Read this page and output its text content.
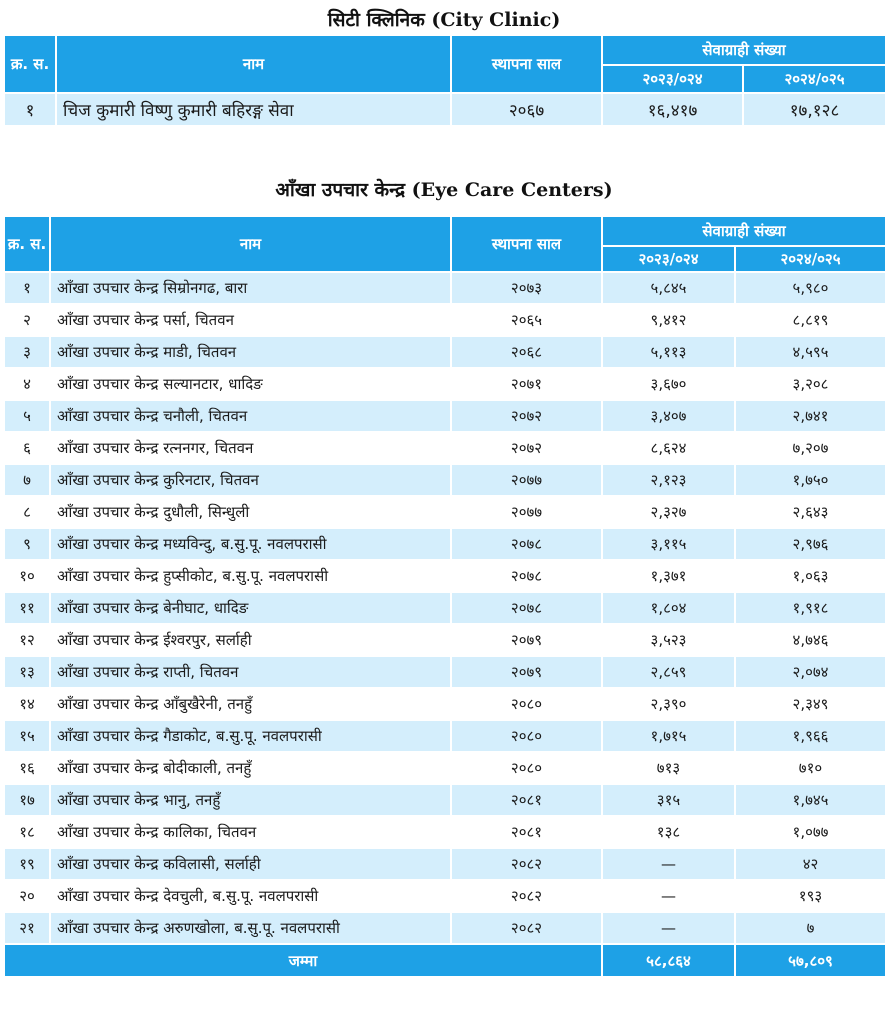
सिटी क्लिनिक (City Clinic)
क्र. स.	नाम	स्थापना साल	सेवाग्राही संख्या	
			२०२३/०२४	२०२४/०२५
१	चिज कुमारी विष्णु कुमारी बहिरङ्ग सेवा	२०६७	१६,४१७	१७,१२८
आँखा उपचार केन्द्र (Eye Care Centers)
क्र. स.	नाम	स्थापना साल	सेवाग्राही संख्या	
			२०२३/०२४	२०२४/०२५
१	आँखा उपचार केन्द्र सिम्रोनगढ, बारा	२०७३	५,८४५	५,९८०
२	आँखा उपचार केन्द्र पर्सा, चितवन	२०६५	९,४१२	८,८१९
३	आँखा उपचार केन्द्र माडी, चितवन	२०६८	५,११३	४,५९५
४	आँखा उपचार केन्द्र सल्यानटार, धादिङ	२०७१	३,६७०	३,२०८
५	आँखा उपचार केन्द्र चनौली, चितवन	२०७२	३,४०७	२,७४१
६	आँखा उपचार केन्द्र रत्ननगर, चितवन	२०७२	८,६२४	७,२०७
७	आँखा उपचार केन्द्र कुरिनटार, चितवन	२०७७	२,१२३	१,७५०
८	आँखा उपचार केन्द्र दुधौली, सिन्धुली	२०७७	२,३२७	२,६४३
९	आँखा उपचार केन्द्र मध्यविन्दु, ब.सु.पू. नवलपरासी	२०७८	३,११५	२,९७६
१०	आँखा उपचार केन्द्र हुप्सीकोट, ब.सु.पू. नवलपरासी	२०७८	१,३७१	१,०६३
११	आँखा उपचार केन्द्र बेनीघाट, धादिङ	२०७८	१,८०४	१,९१८
१२	आँखा उपचार केन्द्र ईश्वरपुर, सर्लाही	२०७९	३,५२३	४,७४६
१३	आँखा उपचार केन्द्र राप्ती, चितवन	२०७९	२,८५९	२,०७४
१४	आँखा उपचार केन्द्र आँबुखैरेनी, तनहुँ	२०८०	२,३९०	२,३४९
१५	आँखा उपचार केन्द्र गैडाकोट, ब.सु.पू. नवलपरासी	२०८०	१,७१५	१,९६६
१६	आँखा उपचार केन्द्र बोदीकाली, तनहुँ	२०८०	७१३	७१०
१७	आँखा उपचार केन्द्र भानु, तनहुँ	२०८१	३१५	१,७४५
१८	आँखा उपचार केन्द्र कालिका, चितवन	२०८१	१३८	१,०७७
१९	आँखा उपचार केन्द्र कविलासी, सर्लाही	२०८२	—	४२
२०	आँखा उपचार केन्द्र देवचुली, ब.सु.पू. नवलपरासी	२०८२	—	१९३
२१	आँखा उपचार केन्द्र अरुणखोला, ब.सु.पू. नवलपरासी	२०८२	—	७
जम्मा			५८,८६४	५७,८०९
